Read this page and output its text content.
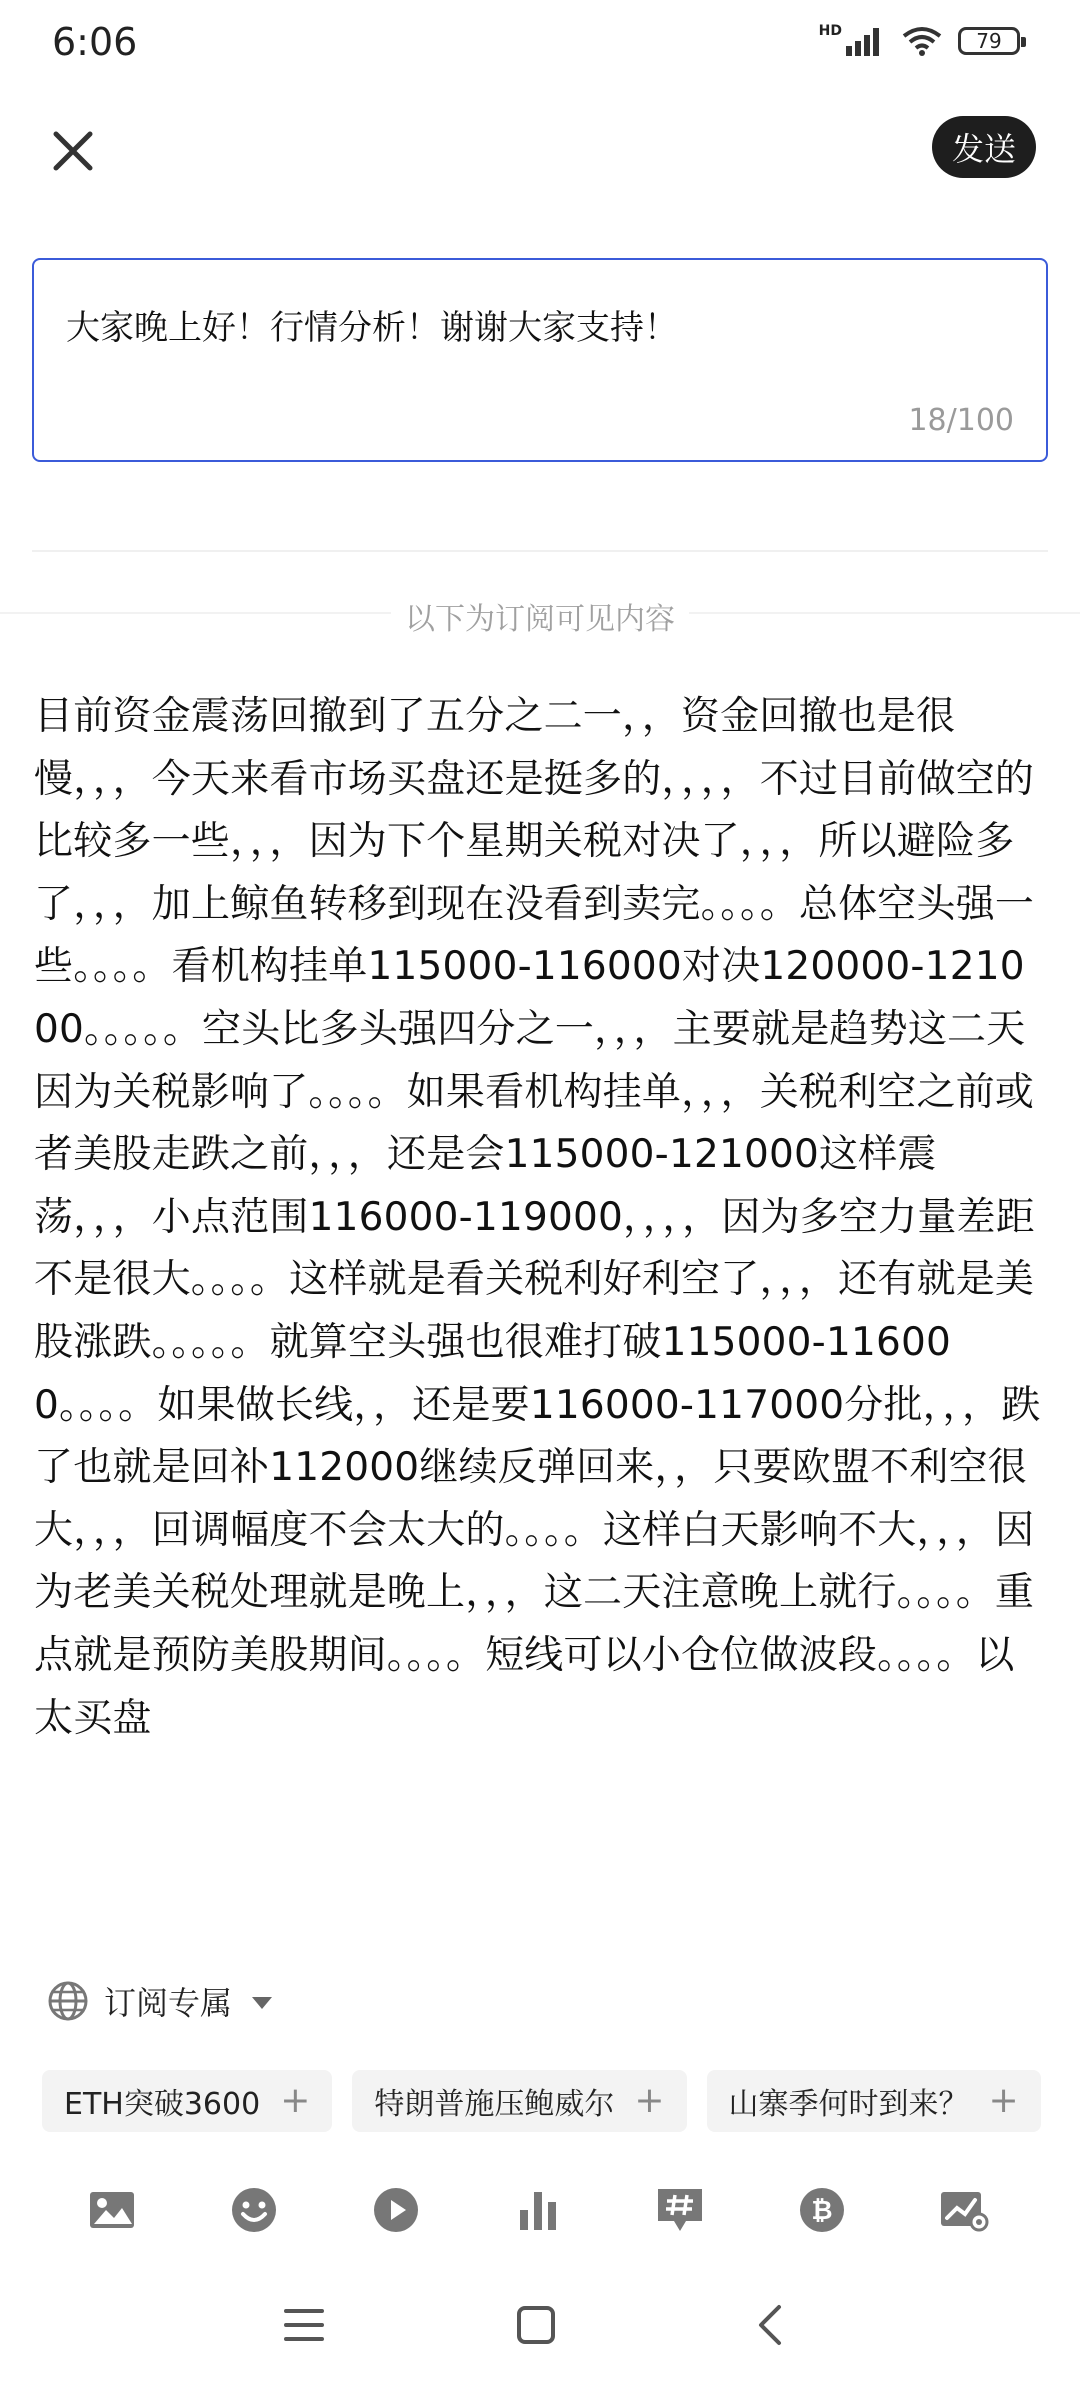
6:06	HD	79
发送
大家晚上好！行情分析！谢谢大家支持！
18/100
以下为订阅可见内容
目前资金震荡回撤到了五分之二一，，资金回撤也是很慢，，，今天来看市场买盘还是挺多的，，，，不过目前做空的比较多一些，，，因为下个星期关税对决了，，，所以避险多了，，，加上鲸鱼转移到现在没看到卖完。。。。总体空头强一些。。。。看机构挂单115000-116000对决120000-121000。。。。。空头比多头强四分之一，，，主要就是趋势这二天因为关税影响了。。。。如果看机构挂单，，，关税利空之前或者美股走跌之前，，，还是会115000-121000这样震荡，，，小点范围116000-119000，，，，因为多空力量差距不是很大。。。。这样就是看关税利好利空了，，，还有就是美股涨跌。。。。。就算空头强也很难打破115000-116000。。。。如果做长线，，还是要116000-117000分批，，，跌了也就是回补112000继续反弹回来，，只要欧盟不利空很大，，，回调幅度不会太大的。。。。这样白天影响不大，，，因为老美关税处理就是晚上，，，这二天注意晚上就行。。。。重点就是预防美股期间。。。。短线可以小仓位做波段。。。。以太买盘
订阅专属
ETH突破3600 + 特朗普施压鲍威尔 + 山寨季何时到来？ +
₿
